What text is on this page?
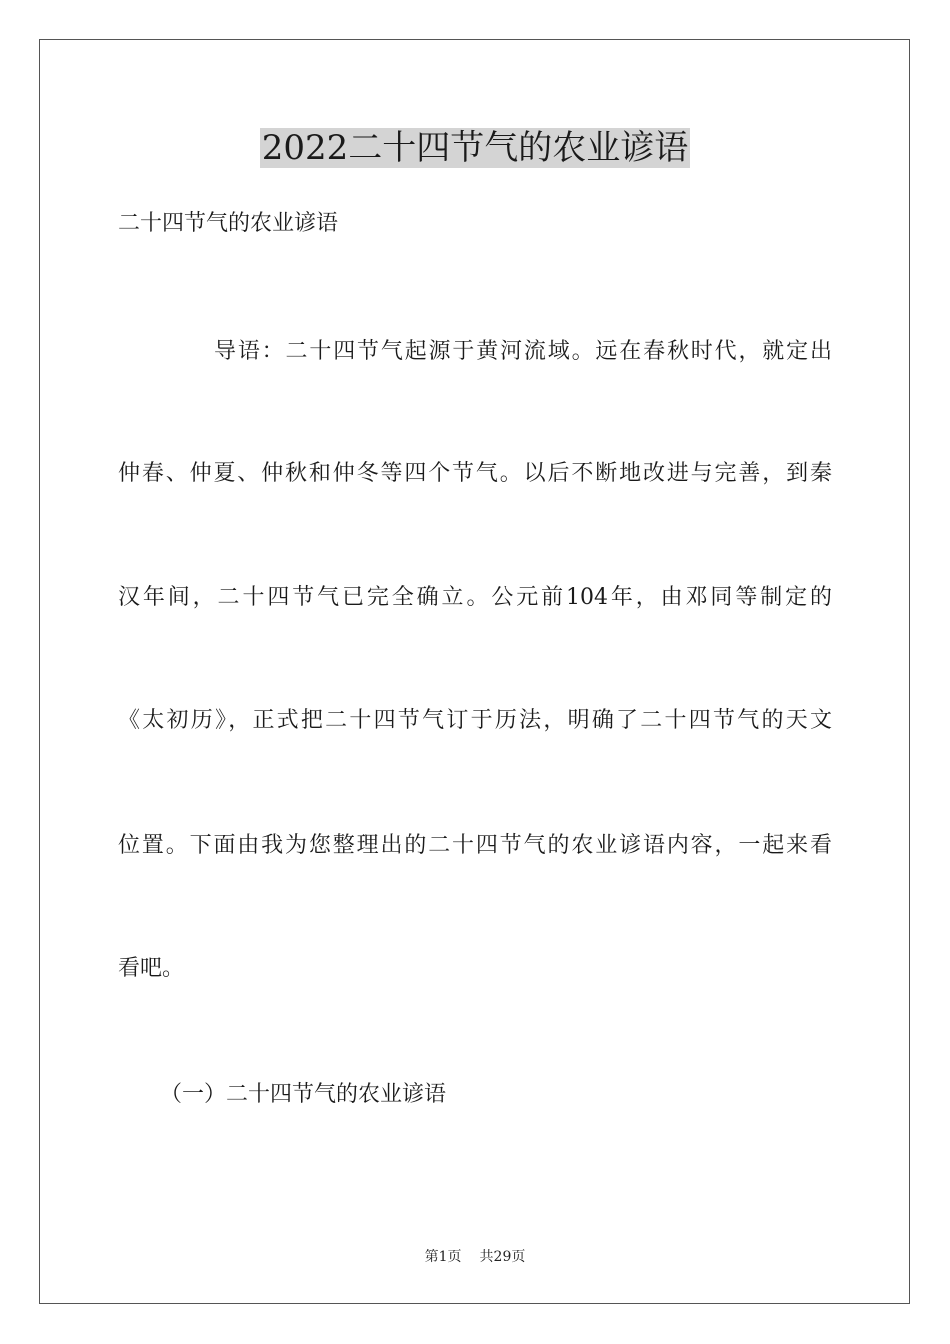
2022二十四节气的农业谚语

二十四节气的农业谚语

导语：二十四节气起源于黄河流域。远在春秋时代，就定出

仲春、仲夏、仲秋和仲冬等四个节气。以后不断地改进与完善，到秦

汉年间，二十四节气已完全确立。公元前104年，由邓同等制定的

《太初历》，正式把二十四节气订于历法，明确了二十四节气的天文

位置。下面由我为您整理出的二十四节气的农业谚语内容，一起来看

看吧。

（一）二十四节气的农业谚语

第1页 共29页
